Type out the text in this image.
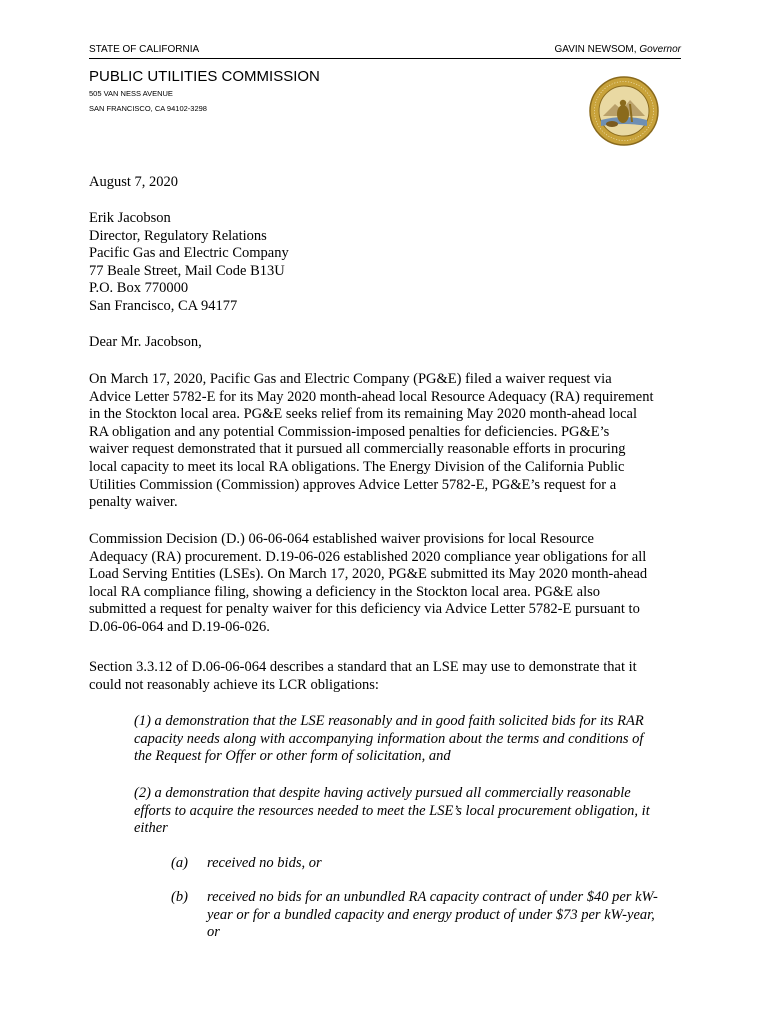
STATE OF CALIFORNIA	GAVIN NEWSOM, Governor
PUBLIC UTILITIES COMMISSION
505 VAN NESS AVENUE
SAN FRANCISCO, CA 94102-3298
August 7, 2020
Erik Jacobson
Director, Regulatory Relations
Pacific Gas and Electric Company
77 Beale Street, Mail Code B13U
P.O. Box 770000
San Francisco, CA 94177
Dear Mr. Jacobson,
On March 17, 2020, Pacific Gas and Electric Company (PG&E) filed a waiver request via
Advice Letter 5782-E for its May 2020 month-ahead local Resource Adequacy (RA) requirement
in the Stockton local area. PG&E seeks relief from its remaining May 2020 month-ahead local
RA obligation and any potential Commission-imposed penalties for deficiencies. PG&E’s
waiver request demonstrated that it pursued all commercially reasonable efforts in procuring
local capacity to meet its local RA obligations. The Energy Division of the California Public
Utilities Commission (Commission) approves Advice Letter 5782-E, PG&E’s request for a
penalty waiver.
Commission Decision (D.) 06-06-064 established waiver provisions for local Resource
Adequacy (RA) procurement. D.19-06-026 established 2020 compliance year obligations for all
Load Serving Entities (LSEs). On March 17, 2020, PG&E submitted its May 2020 month-ahead
local RA compliance filing, showing a deficiency in the Stockton local area. PG&E also
submitted a request for penalty waiver for this deficiency via Advice Letter 5782-E pursuant to
D.06-06-064 and D.19-06-026.
Section 3.3.12 of D.06-06-064 describes a standard that an LSE may use to demonstrate that it
could not reasonably achieve its LCR obligations:
(1) a demonstration that the LSE reasonably and in good faith solicited bids for its RAR
capacity needs along with accompanying information about the terms and conditions of
the Request for Offer or other form of solicitation, and
(2) a demonstration that despite having actively pursued all commercially reasonable
efforts to acquire the resources needed to meet the LSE’s local procurement obligation, it
either
(a)	received no bids, or
(b)	received no bids for an unbundled RA capacity contract of under $40 per kW-
year or for a bundled capacity and energy product of under $73 per kW-year,
or
